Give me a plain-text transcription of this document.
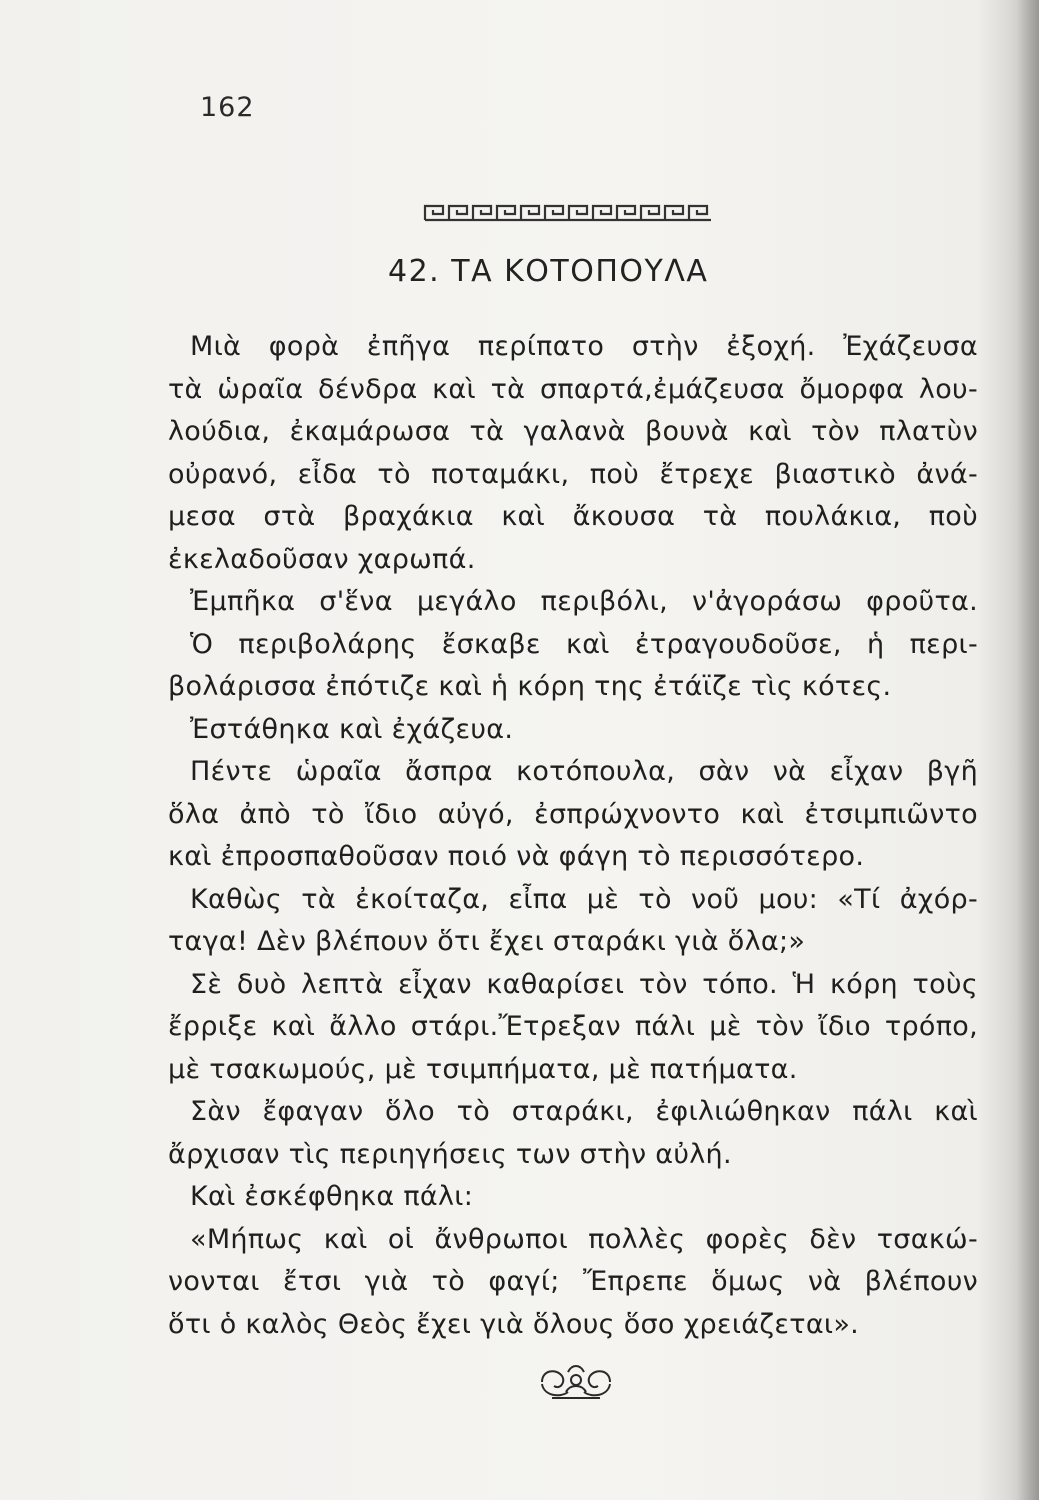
162
42. ΤΑ ΚΟΤΟΠΟΥΛΑ
Μιὰ φορὰ ἐπῆγα περίπατο στὴν ἐξοχή. Ἐχάζευσα
τὰ ὡραῖα δένδρα καὶ τὰ σπαρτά,ἐμάζευσα ὄμορφα λου-
λούδια, ἐκαμάρωσα τὰ γαλανὰ βουνὰ καὶ τὸν πλατὺν
οὐρανό, εἶδα τὸ ποταμάκι, ποὺ ἔτρεχε βιαστικὸ ἀνά-
μεσα στὰ βραχάκια καὶ ἄκουσα τὰ πουλάκια, ποὺ
ἐκελαδοῦσαν χαρωπά.
Ἐμπῆκα σ'ἕνα μεγάλο περιβόλι, ν'ἀγοράσω φροῦτα.
Ὁ περιβολάρης ἔσκαβε καὶ ἐτραγουδοῦσε, ἡ περι-
βολάρισσα ἐπότιζε καὶ ἡ κόρη της ἐτάϊζε τὶς κότες.
Ἐστάθηκα καὶ ἐχάζευα.
Πέντε ὡραῖα ἄσπρα κοτόπουλα, σὰν νὰ εἶχαν βγῆ
ὅλα ἀπὸ τὸ ἴδιο αὐγό, ἐσπρώχνοντο καὶ ἐτσιμπιῶντο
καὶ ἐπροσπαθοῦσαν ποιό νὰ φάγη τὸ περισσότερο.
Καθὼς τὰ ἐκοίταζα, εἶπα μὲ τὸ νοῦ μου: «Τί ἀχόρ-
ταγα! Δὲν βλέπουν ὅτι ἔχει σταράκι γιὰ ὅλα;»
Σὲ δυὸ λεπτὰ εἶχαν καθαρίσει τὸν τόπο. Ἡ κόρη τοὺς
ἔρριξε καὶ ἄλλο στάρι.Ἔτρεξαν πάλι μὲ τὸν ἴδιο τρόπο,
μὲ τσακωμούς, μὲ τσιμπήματα, μὲ πατήματα.
Σὰν ἔφαγαν ὅλο τὸ σταράκι, ἐφιλιώθηκαν πάλι καὶ
ἄρχισαν τὶς περιηγήσεις των στὴν αὐλή.
Καὶ ἐσκέφθηκα πάλι:
«Μήπως καὶ οἱ ἄνθρωποι πολλὲς φορὲς δὲν τσακώ-
νονται ἔτσι γιὰ τὸ φαγί; Ἔπρεπε ὅμως νὰ βλέπουν
ὅτι ὁ καλὸς Θεὸς ἔχει γιὰ ὅλους ὅσο χρειάζεται».
